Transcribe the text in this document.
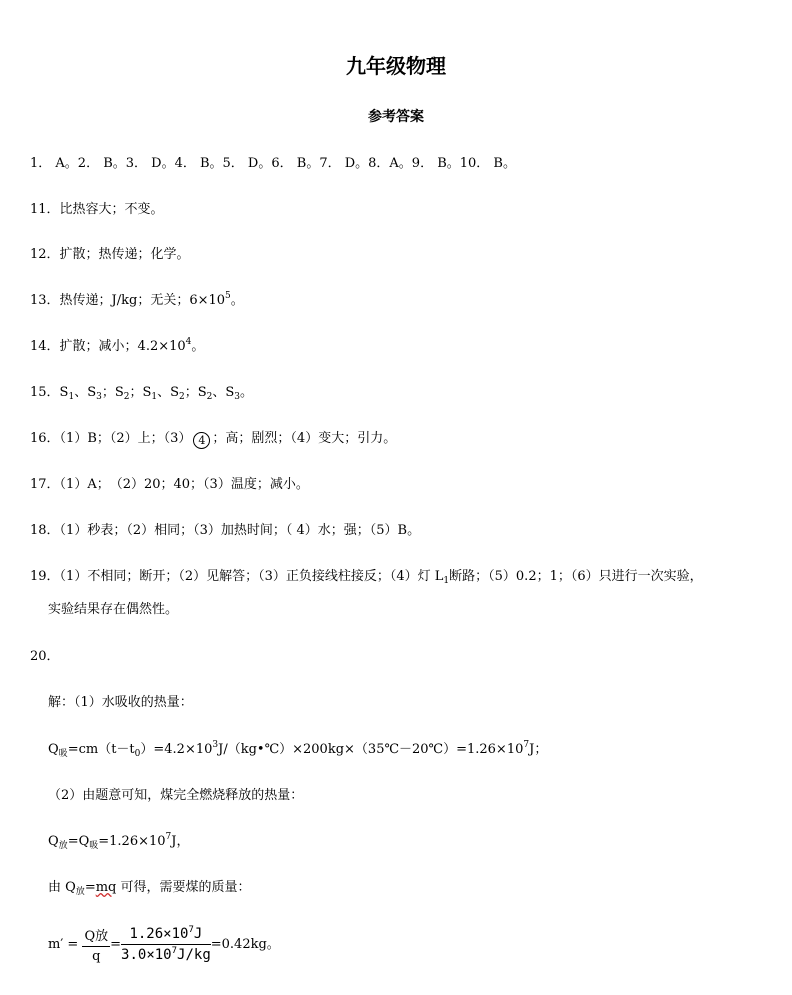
九年级物理
参考答案
1． A。2． B。3． D。4． B。5． D。6． B。7． D。8．A。9． B。10． B。
11．比热容大；不变。
12．扩散；热传递；化学。
13．热传递；J/kg；无关；$6\times 10^5$。
14．扩散；减小；$4.2\times 10^4$。
15．$S_1$、$S_3$；$S_2$；$S_1$、$S_2$；$S_2$、$S_3$。
16．（1）B；（2）上；（3） 4 ；高；剧烈；（4）变大；引力。
17．（1）A；　（2）20；40；（3）温度；减小。
18．（1）秒表；（2）相同；（3）加热时间；（ 4）水；强；（5）B。
19．（1）不相同；断开；（2）见解答；（3）正负接线柱接反；（4）灯 $L_1$断路；（5）0.2；1；（6）只进行一次实验，
实验结果存在偶然性。
20．
解：（1）水吸收的热量：
$Q_吸=cm(t-t_0)=4.2\times 10^3J/(kg•℃)\times 200kg\times(35℃-20℃)=1.26\times 10^7J$；
（2）由题意可知，煤完全燃烧释放的热量：
$Q_放=Q_吸=1.26\times 10^7J$，
由 $Q_放=mq$ 可得，需要煤的质量：
$m' = \frac{\text{Q放}}{q} = \frac{1.26\times 10^7J}{3.0\times 10^7J/kg} =0.42kg$。
